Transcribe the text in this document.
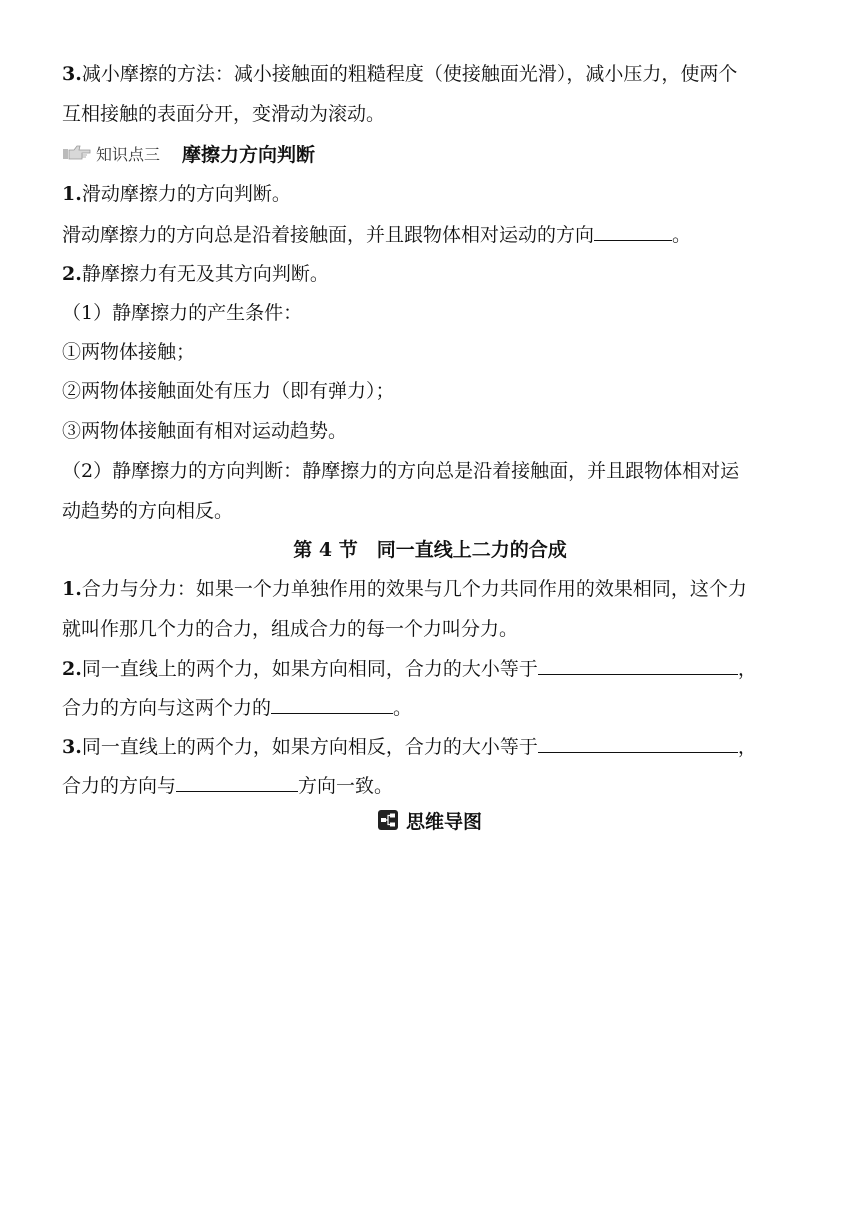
3.减小摩擦的方法：减小接触面的粗糙程度（使接触面光滑），减小压力，使两个
互相接触的表面分开，变滑动为滚动。
知识点三 摩擦力方向判断
1.滑动摩擦力的方向判断。
滑动摩擦力的方向总是沿着接触面，并且跟物体相对运动的方向	。
2.静摩擦力有无及其方向判断。
（1）静摩擦力的产生条件：
①两物体接触；
②两物体接触面处有压力（即有弹力）；
③两物体接触面有相对运动趋势。
（2）静摩擦力的方向判断：静摩擦力的方向总是沿着接触面，并且跟物体相对运
动趋势的方向相反。
第 4 节　同一直线上二力的合成
1.合力与分力：如果一个力单独作用的效果与几个力共同作用的效果相同，这个力
就叫作那几个力的合力，组成合力的每一个力叫分力。
2.同一直线上的两个力，如果方向相同，合力的大小等于	，
合力的方向与这两个力的	。
3.同一直线上的两个力，如果方向相反，合力的大小等于	，
合力的方向与	方向一致。
思维导图
